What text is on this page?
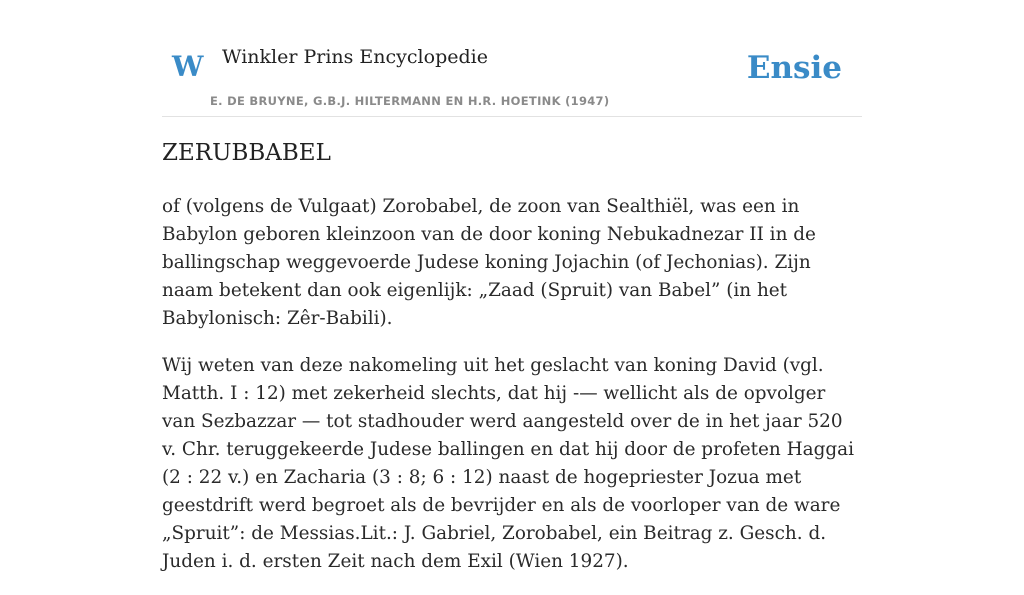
W Winkler Prins Encyclopedie
E. DE BRUYNE, G.B.J. HILTERMANN EN H.R. HOETINK (1947)
Ensie
ZERUBBABEL

of (volgens de Vulgaat) Zorobabel, de zoon van Sealthiël, was een in Babylon geboren kleinzoon van de door koning Nebukadnezar II in de ballingschap weggevoerde Judese koning Jojachin (of Jechonias). Zijn naam betekent dan ook eigenlijk: „Zaad (Spruit) van Babel” (in het Babylonisch: Zêr-Babili).

Wij weten van deze nakomeling uit het geslacht van koning David (vgl. Matth. I : 12) met zekerheid slechts, dat hij -— wellicht als de opvolger van Sezbazzar — tot stadhouder werd aangesteld over de in het jaar 520 v. Chr. teruggekeerde Judese ballingen en dat hij door de profeten Haggai (2 : 22 v.) en Zacharia (3 : 8; 6 : 12) naast de hogepriester Jozua met geestdrift werd begroet als de bevrijder en als de voorloper van de ware „Spruit”: de Messias.Lit.: J. Gabriel, Zorobabel, ein Beitrag z. Gesch. d. Juden i. d. ersten Zeit nach dem Exil (Wien 1927).
